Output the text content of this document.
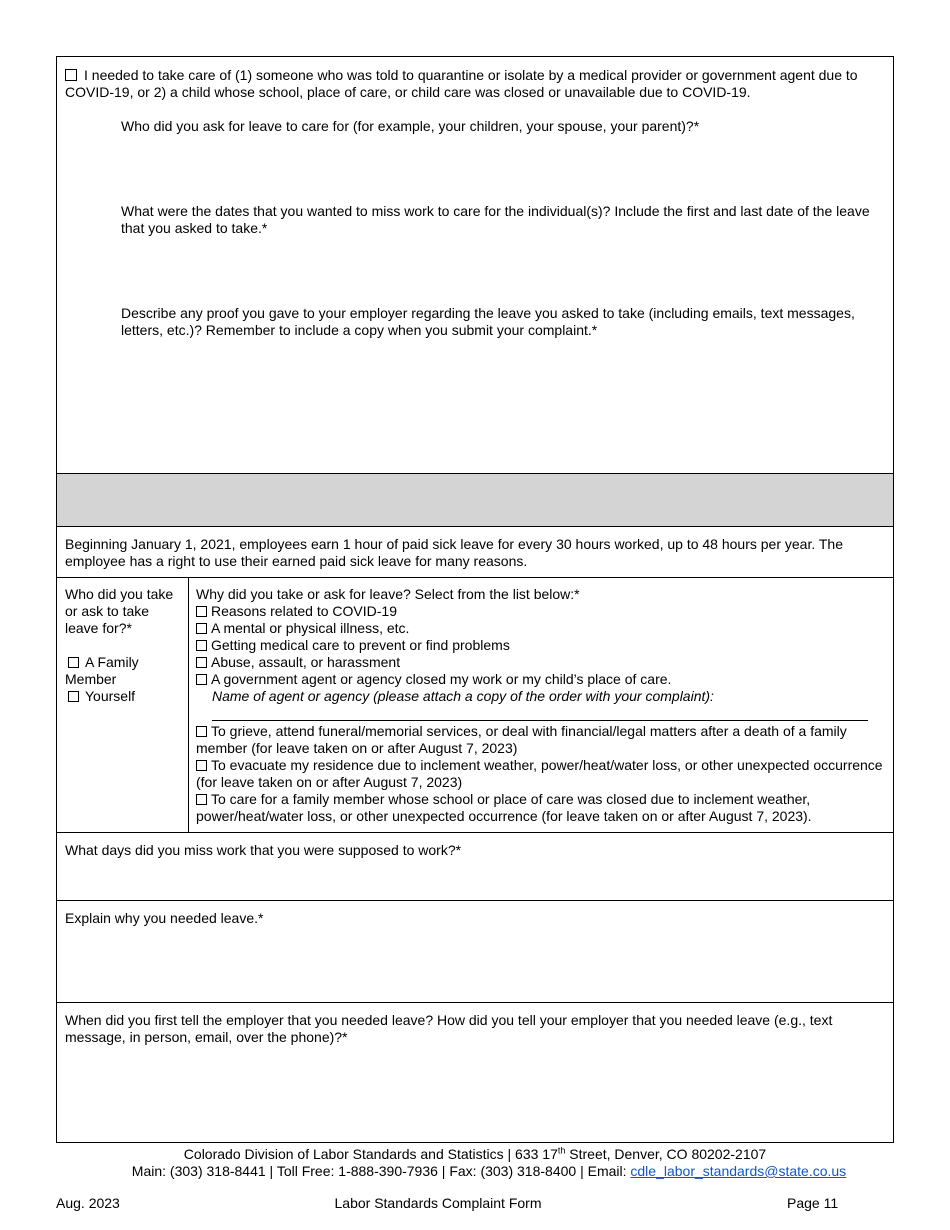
I needed to take care of (1) someone who was told to quarantine or isolate by a medical provider or government agent due to COVID-19, or 2) a child whose school, place of care, or child care was closed or unavailable due to COVID-19.
Who did you ask for leave to care for (for example, your children, your spouse, your parent)?*
What were the dates that you wanted to miss work to care for the individual(s)? Include the first and last date of the leave that you asked to take.*
Describe any proof you gave to your employer regarding the leave you asked to take (including emails, text messages, letters, etc.)? Remember to include a copy when you submit your complaint.*
Beginning January 1, 2021, employees earn 1 hour of paid sick leave for every 30 hours worked, up to 48 hours per year. The employee has a right to use their earned paid sick leave for many reasons.
Who did you take or ask to take leave for?*
A Family Member
Yourself
Why did you take or ask for leave? Select from the list below:*
Reasons related to COVID-19
A mental or physical illness, etc.
Getting medical care to prevent or find problems
Abuse, assault, or harassment
A government agent or agency closed my work or my child’s place of care.
Name of agent or agency (please attach a copy of the order with your complaint):
To grieve, attend funeral/memorial services, or deal with financial/legal matters after a death of a family member (for leave taken on or after August 7, 2023)
To evacuate my residence due to inclement weather, power/heat/water loss, or other unexpected occurrence (for leave taken on or after August 7, 2023)
To care for a family member whose school or place of care was closed due to inclement weather, power/heat/water loss, or other unexpected occurrence (for leave taken on or after August 7, 2023).
What days did you miss work that you were supposed to work?*
Explain why you needed leave.*
When did you first tell the employer that you needed leave? How did you tell your employer that you needed leave (e.g., text message, in person, email, over the phone)?*
Colorado Division of Labor Standards and Statistics | 633 17th Street, Denver, CO 80202-2107
Main: (303) 318-8441 | Toll Free: 1-888-390-7936 | Fax: (303) 318-8400 | Email: cdle_labor_standards@state.co.us
Aug. 2023	Labor Standards Complaint Form	Page 11
